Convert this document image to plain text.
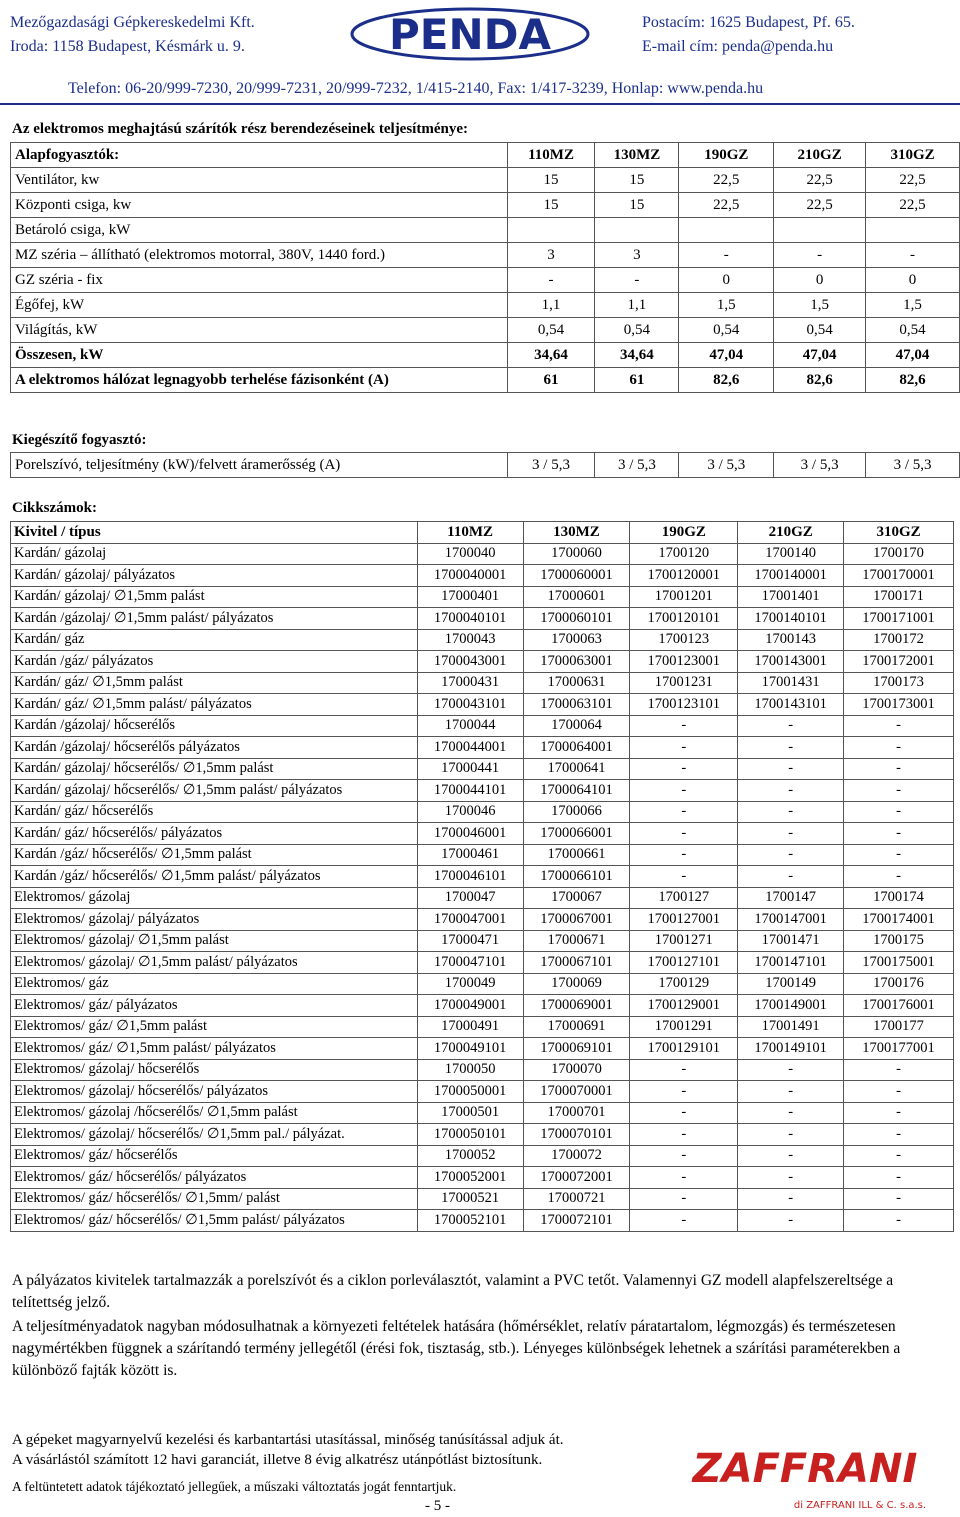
Mezőgazdasági Gépkereskedelmi Kft.
Iroda: 1158 Budapest, Késmárk u. 9.
Postacím: 1625 Budapest, Pf. 65.
E-mail cím: penda@penda.hu
PENDA
Telefon: 06-20/999-7230, 20/999-7231, 20/999-7232, 1/415-2140, Fax: 1/417-3239, Honlap: www.penda.hu
Az elektromos meghajtású szárítók rész berendezéseinek teljesítménye:
Alapfogyasztók:	110MZ	130MZ	190GZ	210GZ	310GZ
Ventilátor, kw	15	15	22,5	22,5	22,5
Központi csiga, kw	15	15	22,5	22,5	22,5
Betároló csiga, kW					
MZ széria – állítható (elektromos motorral, 380V, 1440 ford.)	3	3	-	-	-
GZ széria - fix	-	-	0	0	0
Égőfej, kW	1,1	1,1	1,5	1,5	1,5
Világítás, kW	0,54	0,54	0,54	0,54	0,54
Összesen, kW	34,64	34,64	47,04	47,04	47,04
A elektromos hálózat legnagyobb terhelése fázisonként (A)	61	61	82,6	82,6	82,6
Kiegészítő fogyasztó:
Porelszívó, teljesítmény (kW)/felvett áramerősség (A)	3 / 5,3	3 / 5,3	3 / 5,3	3 / 5,3	3 / 5,3
Cikkszámok:
Kivitel / típus	110MZ	130MZ	190GZ	210GZ	310GZ
Kardán/ gázolaj	1700040	1700060	1700120	1700140	1700170
Kardán/ gázolaj/ pályázatos	1700040001	1700060001	1700120001	1700140001	1700170001
Kardán/ gázolaj/ ∅1,5mm palást	17000401	17000601	17001201	17001401	1700171
Kardán /gázolaj/ ∅1,5mm palást/ pályázatos	1700040101	1700060101	1700120101	1700140101	1700171001
Kardán/ gáz	1700043	1700063	1700123	1700143	1700172
Kardán /gáz/ pályázatos	1700043001	1700063001	1700123001	1700143001	1700172001
Kardán/ gáz/ ∅1,5mm palást	17000431	17000631	17001231	17001431	1700173
Kardán/ gáz/ ∅1,5mm palást/ pályázatos	1700043101	1700063101	1700123101	1700143101	1700173001
Kardán /gázolaj/ hőcserélős	1700044	1700064	-	-	-
Kardán /gázolaj/ hőcserélős pályázatos	1700044001	1700064001	-	-	-
Kardán/ gázolaj/ hőcserélős/ ∅1,5mm palást	17000441	17000641	-	-	-
Kardán/ gázolaj/ hőcserélős/ ∅1,5mm palást/ pályázatos	1700044101	1700064101	-	-	-
Kardán/ gáz/ hőcserélős	1700046	1700066	-	-	-
Kardán/ gáz/ hőcserélős/ pályázatos	1700046001	1700066001	-	-	-
Kardán /gáz/ hőcserélős/ ∅1,5mm palást	17000461	17000661	-	-	-
Kardán /gáz/ hőcserélős/ ∅1,5mm palást/ pályázatos	1700046101	1700066101	-	-	-
Elektromos/ gázolaj	1700047	1700067	1700127	1700147	1700174
Elektromos/ gázolaj/ pályázatos	1700047001	1700067001	1700127001	1700147001	1700174001
Elektromos/ gázolaj/ ∅1,5mm palást	17000471	17000671	17001271	17001471	1700175
Elektromos/ gázolaj/ ∅1,5mm palást/ pályázatos	1700047101	1700067101	1700127101	1700147101	1700175001
Elektromos/ gáz	1700049	1700069	1700129	1700149	1700176
Elektromos/ gáz/ pályázatos	1700049001	1700069001	1700129001	1700149001	1700176001
Elektromos/ gáz/ ∅1,5mm palást	17000491	17000691	17001291	17001491	1700177
Elektromos/ gáz/ ∅1,5mm palást/ pályázatos	1700049101	1700069101	1700129101	1700149101	1700177001
Elektromos/ gázolaj/ hőcserélős	1700050	1700070	-	-	-
Elektromos/ gázolaj/ hőcserélős/ pályázatos	1700050001	1700070001	-	-	-
Elektromos/ gázolaj /hőcserélős/ ∅1,5mm palást	17000501	17000701	-	-	-
Elektromos/ gázolaj/ hőcserélős/ ∅1,5mm pal./ pályázat.	1700050101	1700070101	-	-	-
Elektromos/ gáz/ hőcserélős	1700052	1700072	-	-	-
Elektromos/ gáz/ hőcserélős/ pályázatos	1700052001	1700072001	-	-	-
Elektromos/ gáz/ hőcserélős/ ∅1,5mm/ palást	17000521	17000721	-	-	-
Elektromos/ gáz/ hőcserélős/ ∅1,5mm palást/ pályázatos	1700052101	1700072101	-	-	-
A pályázatos kivitelek tartalmazzák a porelszívót és a ciklon porleválasztót, valamint a PVC tetőt. Valamennyi GZ modell alapfelszereltsége a telítettség jelző.
A teljesítményadatok nagyban módosulhatnak a környezeti feltételek hatására (hőmérséklet, relatív páratartalom, légmozgás) és természetesen nagymértékben függnek a szárítandó termény jellegétől (érési fok, tisztaság, stb.). Lényeges különbségek lehetnek a szárítási paraméterekben a különböző fajták között is.
A gépeket magyarnyelvű kezelési és karbantartási utasítással, minőség tanúsítással adjuk át.
A vásárlástól számított 12 havi garanciát, illetve 8 évig alkatrész utánpótlást biztosítunk.
A feltüntetett adatok tájékoztató jellegűek, a műszaki változtatás jogát fenntartjuk.	ZAFFRANI
di ZAFFRANI ILL & C. s.a.s.
- 5 -
